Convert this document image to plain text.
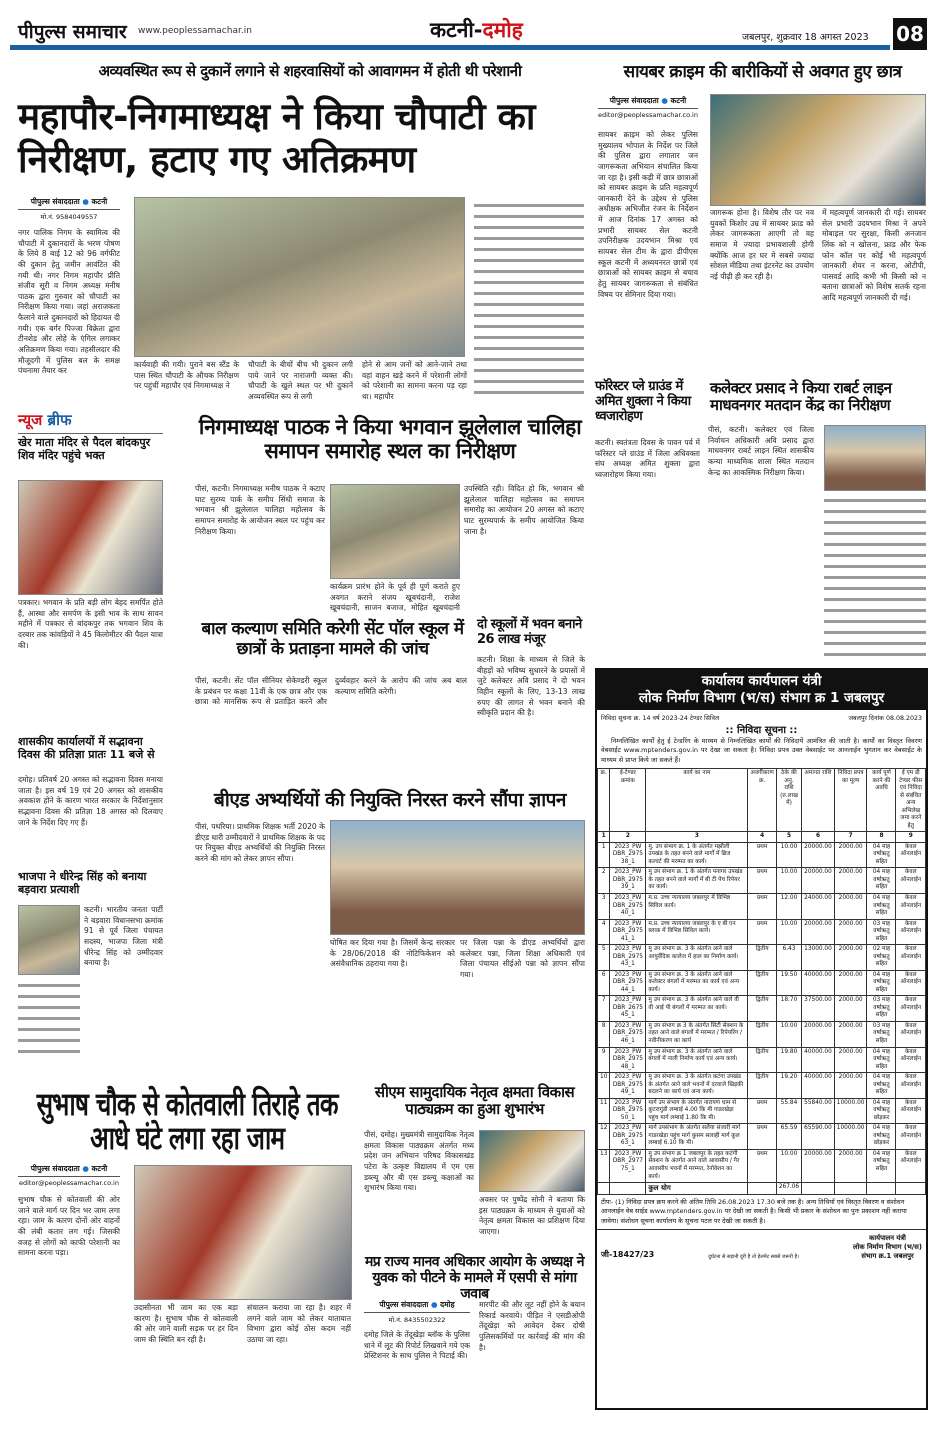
पीपुल्स समाचार www.peoplessamachar.in	कटनी-दमोह	जबलपुर, शुक्रवार 18 अगस्त 2023 08
अव्यवस्थित रूप से दुकानें लगाने से शहरवासियों को आवागमन में होती थी परेशानी
महापौर-निगमाध्यक्ष ने किया चौपाटी का निरीक्षण, हटाए गए अतिक्रमण
पीपुल्स संवाददाता ● कटनी
मो.नं. 9584049557
नगर पालिक निगम के स्वामित्व की चौपाटी में दुकानदारों के भरण पोषण के लिये 8 बाई 12 को 96 वर्गफीट की दुकान हेतु जमीन आवंटित की गयी थी। नगर निगम महापौर प्रीति संजीव सूरी व निगम अध्यक्ष मनीष पाठक द्वारा गुरुवार को चौपाटी का निरीक्षण किया गया। जहां अराजकता फैलाने वाले दुकानदारों को हिदायत दी गयी। एक बर्गर पिज्जा विक्रेता द्वारा टीनशेड और लोहे के एंगिल लगाकर अतिक्रमण किया गया। तहसीलदार की मौजूदगी में पुलिस बल के समक्ष पंचनामा तैयार कर
कार्यवाही की गयी। पुराने बस स्टैंड के पास स्थित चौपाटी के औचक निरीक्षण पर पहुंचीं महापौर एवं निगमाध्यक्ष ने
चौपाटी के बीचों बीच भी दुकान लगी पाये जाने पर नाराजगी व्यक्त की। चौपाटी के खुले स्थल पर भी दुकानें अव्यवस्थित रूप से लगी
होने से आम जनों को आने-जाने तथा वहां वाहन खड़े करने में परेशानी लोगों को परेशानी का सामना करना पड़ रहा था। महापौर
सायबर क्राइम की बारीकियों से अवगत हुए छात्र
पीपुल्स संवाददाता ● कटनी
editor@peoplessamachar.co.in
सायबर क्राइम को लेकर पुलिस मुख्यालय भोपाल के निर्देश पर जिले की पुलिस द्वारा लगातार जन जागरूकता अभियान संचालित किया जा रहा है। इसी कड़ी में छात्र छात्राओं को सायबर क्राइम के प्रति महत्वपूर्ण जानकारी देने के उद्देश्य से पुलिस अधीक्षक अभिजीत रंजन के निर्देशन में आज दिनांक 17 अगस्त को प्रभारी सायबर सेल कटनी उपनिरीक्षक उदयभान मिश्रा एवं सायबर सेल टीम के द्वारा डीपीएस स्कूल कटनी में अध्ययनरत छात्रों एवं छात्राओं को सायबर क्राइम से बचाव हेतु सायबर जागरूकता से संबंधित विषय पर सेमिनार दिया गया।
जागरूक होना है। विशेष तौर पर नव युवकों किशोर उम्र में सायबर फ्राड को लेकर जागरूकता आएगी तो वह समाज मे ज्यादा प्रभावशाली होगी क्योंकि आज हर घर मे सबसे ज्यादा सोशल मीडिया तथा इंटरनेट का उपयोग नई पीढ़ी ही कर रही है।
में महत्वपूर्ण जानकारी दी गई। सायबर सेल प्रभारी उदयभान मिश्रा ने अपने मोबाइल पर सुरक्षा, किसी अनजान लिंक को न खोलना, फ्राड और फेक फोन कॉल पर कोई भी महत्वपूर्ण जानकारी शेयर न करना, ओटीपी, पासवर्ड आदि कभी भी किसी को न बताना छात्राओं को विशेष सतर्क रहना आदि महत्वपूर्ण जानकारी दी गई।
फॉरेस्टर प्ले ग्राउंड में अमित शुक्ला ने किया ध्वजारोहण
कटनी। स्वतंत्रता दिवस के पावन पर्व में फॉरेस्टर प्ले ग्राउंड में जिला अधिवक्ता संघ अध्यक्ष अमित शुक्ला द्वारा ध्वजारोहण किया गया।
कलेक्टर प्रसाद ने किया राबर्ट लाइन माधवनगर मतदान केंद्र का निरीक्षण
पीसं, कटनी। कलेक्टर एवं जिला निर्वाचन अधिकारी अवि प्रसाद द्वारा माधवनगर राबर्ट लाइन स्थित शासकीय कन्या माध्यमिक शाला स्थित मतदान केन्द्र का आकस्मिक निरीक्षण किया।
न्यूज ब्रीफ
खेर माता मंदिर से पैदल बांदकपुर शिव मंदिर पहुंचे भक्त
पत्रकार। भगवान के प्रति बड़ी लोग बेहद समर्पित होते हैं, आस्था और समर्पण के इसी भाव के साथ सावन महीने में पत्रकार से बांदकपुर तक भगवान शिव के दरबार तक कांवड़ियों ने 45 किलोमीटर की पैदल यात्रा की।
शासकीय कार्यालयों में सद्भावना दिवस की प्रतिज्ञा प्रातः 11 बजे से
दमोह। प्रतिवर्ष 20 अगस्त को सद्भावना दिवस मनाया जाता है। इस वर्ष 19 एवं 20 अगस्त को शासकीय अवकाश होने के कारण भारत सरकार के निर्देशानुसार सद्भावना दिवस की प्रतिज्ञा 18 अगस्त को दिलवाए जाने के निर्देश दिए गए हैं।
भाजपा ने धीरेन्द्र सिंह को बनाया बड़वारा प्रत्याशी
कटनी। भारतीय जनता पार्टी ने बड़वारा विधानसभा क्रमांक 91 से पूर्व जिला पंचायत सदस्य, भाजपा जिला मंत्री धीरेन्द्र सिंह को उम्मीदवार बनाया है।
निगमाध्यक्ष पाठक ने किया भगवान झूलेलाल चालिहा समापन समारोह स्थल का निरीक्षण
पीसं, कटनी। निगमाध्यक्ष मनीष पाठक ने कटाए घाट सुरम्य पार्क के समीप सिंधी समाज के भगवान श्री झूलेलाल चालिहा महोत्सव के समापन समारोह के आयोजन स्थल पर पहुंच कर निरीक्षण किया।
कार्यक्रम प्रारंभ होने के पूर्व ही पूर्ण कराते हुए अवगत कराने संजय खूबचंदानी, राजेश खूबचंदानी, साजन बजाज, मोहित खूबचंदानी
उपस्थिति रही। विदित हो कि, भगवान श्री झूलेलाल चालिहा महोत्सव का समापन समारोह का आयोजन 20 अगस्त को कटाए घाट सुरम्यपार्क के समीप आयोजित किया जाना है।
बाल कल्याण समिति करेगी सेंट पॉल स्कूल में छात्रों के प्रताड़ना मामले की जांच
पीसं, कटनी। सेंट पॉल सीनियर सेकेण्डरी स्कूल के प्रबंधन पर कक्षा 11वीं के एक छात्र और एक छात्रा को मानसिक रूप से प्रताड़ित करने और दुर्व्यवहार करने के आरोप की जांच अब बाल कल्याण समिति करेगी।
दो स्कूलों में भवन बनाने 26 लाख मंजूर
कटनी। शिक्षा के माध्यम से जिले के बीहड़ों को भविष्य सुधारने के प्रयासों में जुटे कलेक्टर अवि प्रसाद ने दो भवन विहीन स्कूलों के लिए, 13-13 लाख रुपए की लागत से भवन बनाने की स्वीकृति प्रदान की है।
बीएड अभ्यर्थियों की नियुक्ति निरस्त करने सौंपा ज्ञापन
पीसं, पथरिया। प्राथमिक शिक्षक भर्ती 2020 के डीएड धारी उम्मीदवारों ने प्राथमिक शिक्षक के पद पर नियुक्त बीएड अभ्यर्थियों की नियुक्ति निरस्त करने की मांग को लेकर ज्ञापन सौंपा।
घोषित कर दिया गया है। जिसमें केन्द्र सरकार के 28/06/2018 की नोटिफिकेशन को असंवैधानिक ठहराया गया है।
पर जिला पन्ना के डीएड अभ्यर्थियों द्वारा कलेक्टर पन्ना, जिला शिक्षा अधिकारी एवं जिला पंचायत सीईओ पन्ना को ज्ञापन सौंपा गया।
सुभाष चौक से कोतवाली तिराहे तक आधे घंटे लगा रहा जाम
पीपुल्स संवाददाता ● कटनी
editor@peoplessamachar.co.in
सुभाष चौक से कोतवाली की ओर जाने वाले मार्ग पर दिन भर जाम लगा रहा। जाम के कारण दोनों ओर वाहनों की लंबी कतार लग गई। जिसकी वजह से लोगों को काफी परेशानी का सामना करना पड़ा।
उदासीनता भी जाम का एक बड़ा कारण है। सुभाष चौक से कोतवाली की ओर जाने वाली सड़क पर हर दिन जाम की स्थिति बन रही है।
संचालन कराया जा रहा है। शहर में लगने वाले जाम को लेकर यातायात विभाग द्वारा कोई ठोस कदम नहीं उठाया जा रहा।
सीएम सामुदायिक नेतृत्व क्षमता विकास पाठ्यक्रम का हुआ शुभारंभ
पीसं, दमोह। मुख्यमंत्री सामुदायिक नेतृत्व क्षमता विकास पाठ्यक्रम अंतर्गत मध्य प्रदेश जन अभियान परिषद विकासखंड पटेरा के उत्कृष्ट विद्यालय में एम एस डब्ल्यू और बी एस डब्ल्यू कक्षाओं का शुभारंभ किया गया।
अवसर पर पुष्पेंद्र सोनी ने बताया कि इस पाठ्यक्रम के माध्यम से युवाओं को नेतृत्व क्षमता विकास का प्रशिक्षण दिया जाएगा।
मप्र राज्य मानव अधिकार आयोग के अध्यक्ष ने युवक को पीटने के मामले में एसपी से मांगा जवाब
पीपुल्स संवाददाता ● दमोह
मो.नं. 8435502322
दमोह जिले के तेंदूखेड़ा ब्लॉक के पुलिस थाने में लूट की रिपोर्ट लिखवाने गये एक प्रेस्टिशनर के साथ पुलिस ने पिटाई की।
मारपीट की और लूट नहीं होने के बयान रिकार्ड करवाये। पीड़ित ने एसडीओपी तेंदूखेड़ा को आवेदन देकर दोषी पुलिसकर्मियों पर कार्रवाई की मांग की है।
कार्यालय कार्यपालन यंत्री
लोक निर्माण विभाग (भ/स) संभाग क्र 1 जबलपुर
निविदा सूचना क्र. 14 वर्ष 2023-24 टेण्डर सिविल	जबलपुर दिनांक 08.08.2023
:: निविदा सूचना ::
निम्नलिखित कार्यों हेतु ई टेन्डरिंग के माध्यम से निम्नलिखित कार्यों की निविदायें आमंत्रित की जाती है। कार्यों का विस्तृत विवरण वेबसाईट www.mptenders.gov.in पर देखा जा सकता है। निविदा प्रपत्र उक्त वेबसाईट पर आनलाईन भुगतान कर वेबसाईट के माध्यम से प्राप्त किये जा सकते हैं।
क्र.	ई-टेण्डर क्रमांक	कार्य का नाम	अवर्गीकरण क्र.	ठेके की अनु. राशि (रु.लाख में)	अमानत राशि	निविदा प्रपत्र का मूल्य	कार्य पूर्ण करने की अवधि	ई एम डी टेण्डर फीस एवं निविदा से संबंधित अन्य अभिलेख जमा करने हेतु
1	2	3	4	5	6	7	8	9
1	2023_PWDBR_297538_1	मु. उप संभाग क्र. 1 के अंतर्गत मझौली उपखंड के तहत बनने वाले मार्गों में ब्रिज कल्वर्ट की मरम्मत का कार्य।	प्रथम	10.00	20000.00	2000.00	04 माह वर्षाऋतु सहित	केवल ऑनलाईन
2	2023_PWDBR_297539_1	मु उप संभाग क्र. 1 के अंतर्गत पनागर उपखंड के तहत बनने वाले मार्गों में बी टी पेच रिपेयर का कार्य।	प्रथम	10.00	20000.00	2000.00	04 माह वर्षाऋतु सहित	केवल ऑनलाईन
3	2023_PWDBR_297540_1	म.प्र. उच्च न्यायालय जबलपुर में विभिन्न सिविल कार्य।	प्रथम	12.00	24000.00	2000.00	04 माह वर्षाऋतु सहित	केवल ऑनलाईन
4	2023_PWDBR_297541_1	म.प्र. उच्च न्यायालय जबलपुर के ए बी एन ब्लाक में विभिन्न सिविल कार्य।	प्रथम	10.00	20000.00	2000.00	03 माह वर्षाऋतु सहित	केवल ऑनलाईन
5	2023_PWDBR_297543_1	मु उप संभाग क्र. 3 के अंतर्गत आने वाले आयुर्वेदिक कालेज में हाल का निर्माण कार्य।	द्वितीय	6.43	13000.00	2000.00	02 माह वर्षाऋतु सहित	केवल ऑनलाईन
6	2023_PWDBR_297544_1	मु उप संभाग क्र. 3 के अंतर्गत आने वाले कलेक्टर बंगलों में मरम्मत का कार्य एवं अन्य कार्य।	द्वितीय	19.50	40000.00	2000.00	04 माह वर्षाऋतु सहित	केवल ऑनलाईन
7	2023_PWDBR_267545_1	मु उप संभाग क्र. 3 के अंतर्गत आने वाले वी वी आई पी बंगलों में मरम्मत का कार्य।	द्वितीय	18.70	37500.00	2000.00	03 माह वर्षाऋतु सहित	केवल ऑनलाईन
8	2023_PWDBR_297546_1	मु उप संभाग क्र 3 के अंतर्गत सिटी सेक्शन के तहत आने वाले बंगलों में मरम्मत / रिपेयरिंग / नवीनीकरण का कार्य	द्वितीय	10.00	20000.00	2000.00	03 माह वर्षाऋतु सहित	केवल ऑनलाईन
9	2023_PWDBR_297548_1	मु उप संभाग क्र. 3 के अंतर्गत आने वाले बंगलों में नाली निर्माण कार्य एवं अन्य कार्य।	द्वितीय	19.80	40000.00	2000.00	04 माह वर्षाऋतु सहित	केवल ऑनलाईन
10	2023_PWDBR_297549_1	मु उप संभाग क्र. 3 के अंतर्गत कटंगा उपखंड के अंतर्गत आने वाले भवनों में दरवाजे खिड़की बदलने का कार्य एवं अन्य कार्य।	द्वितीय	19.20	40000.00	2000.00	04 माह वर्षाऋतु सहित	केवल ऑनलाईन
11	2023_PWDBR_297550_1	मार्ग उप संभाग के अंतर्गत नारायण धाम से कुटरागुंडी लम्बाई 4.00 कि मी गाडरखेड़ा पहुंच मार्ग लम्बाई 1.80 कि मी।	प्रथम	55.84	55840.00	10000.00	04 माह वर्षाऋतु छोड़कर	केवल ऑनलाईन
12	2023_PWDBR_297563_1	मार्ग उपसंभाग के अंतर्गत सलैया संजारी मार्ग गाडरखेड़ा पहुंच मार्ग कुसम सलाही मार्ग कुल लम्बाई 6.10 कि मी।	प्रथम	65.59	65590.00	10000.00	04 माह वर्षाऋतु छोड़कर	केवल ऑनलाईन
13	2023_PWDBR_297775_1	मु उप संभाग क्र 1 जबलपुर के तहत कटंगी सेक्शन के अंतर्गत आने वाले आवासीय / गैर आवासीय भवनों में मरम्मत, रेनोवेशन का कार्य।	प्रथम	10.00	20000.00	2000.00	04 माह वर्षाऋतु सहित	केवल ऑनलाईन
		कुल योग		267.06				
टीपः- (1) निविदा प्रपत्र क्रय करने की अंतिम तिथि 26.08.2023 17.30 बजे तक है। अन्य तिथियाँ एवं विस्तृत विवरण व संशोधन आनलाईन वेब साईड www.mptenders.gov.in पर देखी जा सकती है। किसी भी प्रकार के संशोधन का पुनः प्रकाशन नहीं कराया जावेगा। संशोधन सूचना कार्यालय के सूचना पटल पर देखी जा सकती है।
जी-18427/23	दुर्घटना से सड़ानी दूरी है तो हेलमेट सबसे जरूरी है।
कार्यपालन यंत्री
लोक निर्माण विभाग (भ/स)
संभाग क्र.1 जबलपुर
